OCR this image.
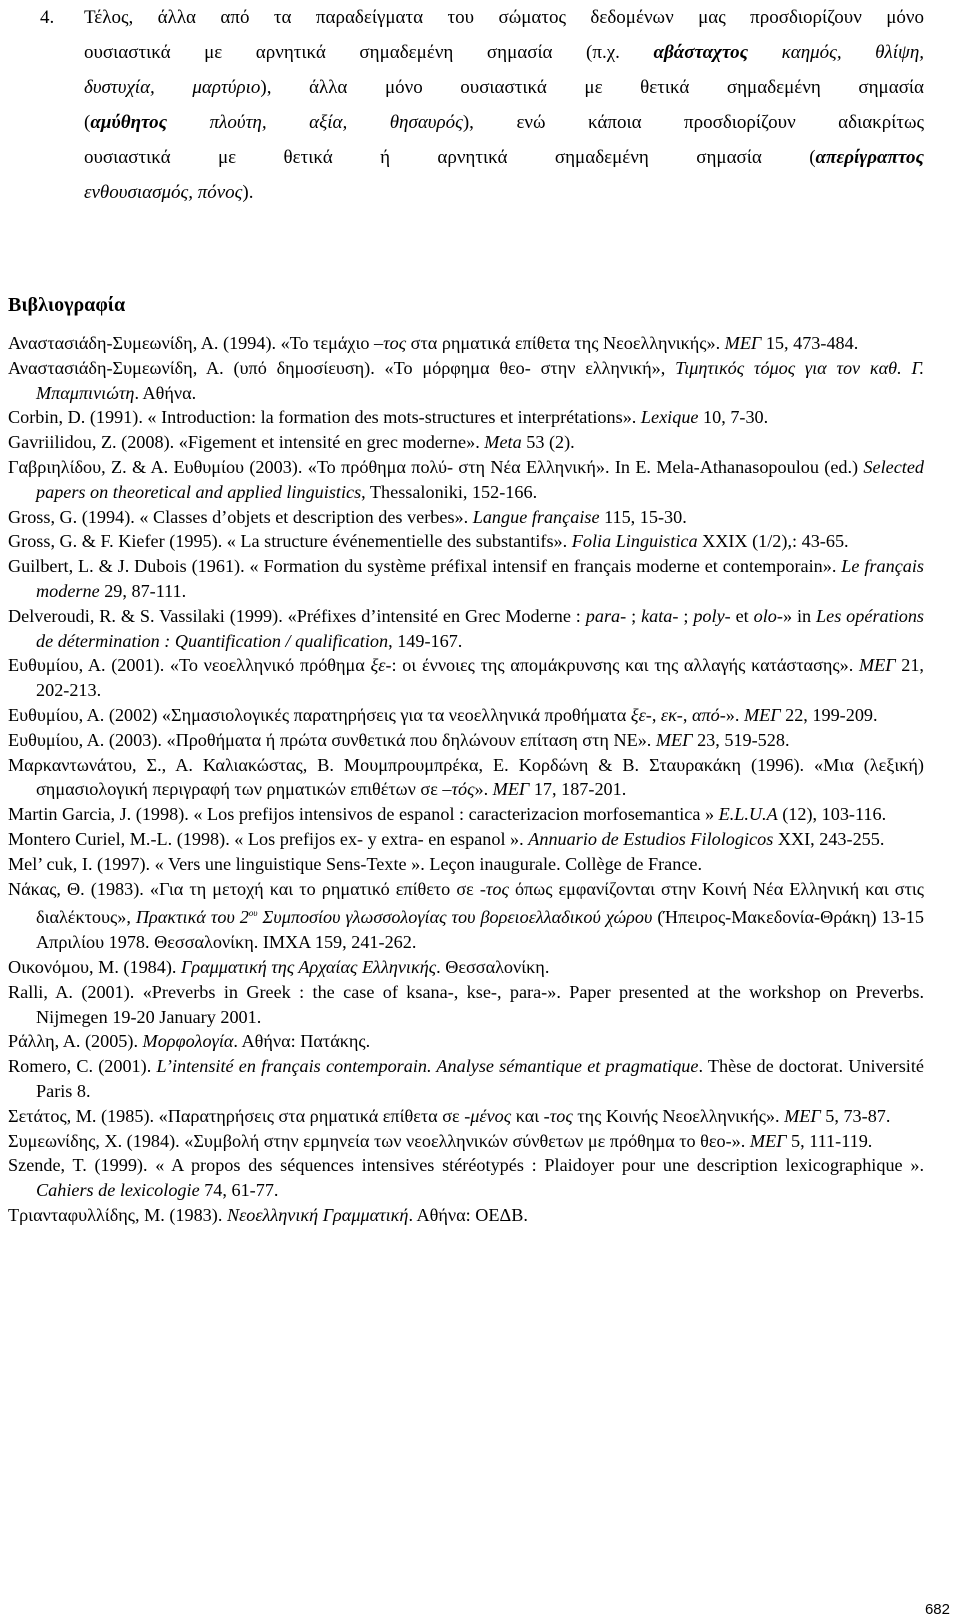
4. Τέλος, άλλα από τα παραδείγματα του σώματος δεδομένων μας προσδιορίζουν μόνο
ουσιαστικά με αρνητικά σημαδεμένη σημασία (π.χ. αβάσταχτος καημός, θλίψη,
δυστυχία, μαρτύριο), άλλα μόνο ουσιαστικά με θετικά σημαδεμένη σημασία
(αμύθητος πλούτη, αξία, θησαυρός), ενώ κάποια προσδιορίζουν αδιακρίτως
ουσιαστικά με θετικά ή αρνητικά σημαδεμένη σημασία (απερίγραπτος
ενθουσιασμός, πόνος).
Βιβλιογραφία

Αναστασιάδη-Συμεωνίδη, Α. (1994). «Το τεμάχιο –τος στα ρηματικά επίθετα της Νεοελληνικής». ΜΕΓ 15, 473-484.

Αναστασιάδη-Συμεωνίδη, Α. (υπό δημοσίευση). «Το μόρφημα θεο- στην ελληνική», Τιμητικός τόμος για τον καθ. Γ. Μπαμπινιώτη. Αθήνα.

Corbin, D. (1991). « Introduction: la formation des mots-structures et interprétations». Lexique 10, 7-30.

Gavriilidou, Z. (2008). «Figement et intensité en grec moderne». Meta 53 (2).

Γαβριηλίδου, Ζ. & Α. Ευθυμίου (2003). «Το πρόθημα πολύ- στη Νέα Ελληνική». In E. Mela-Athanasopoulou (ed.) Selected papers on theoretical and applied linguistics, Thessaloniki, 152-166.

Gross, G. (1994). « Classes d’objets et description des verbes». Langue française 115, 15-30.

Gross, G. & F. Kiefer (1995). « La structure événementielle des substantifs». Folia Linguistica XXIX (1/2),: 43-65.

Guilbert, L. & J. Dubois (1961). « Formation du système préfixal intensif en français moderne et contemporain». Le français moderne 29, 87-111.

Delveroudi, R. & S. Vassilaki (1999). «Préfixes d’intensité en Grec Moderne : para- ; kata- ; poly- et olo-» in Les opérations de détermination : Quantification / qualification, 149-167.

Ευθυμίου, Α. (2001). «Το νεοελληνικό πρόθημα ξε-: οι έννοιες της απομάκρυνσης και της αλλαγής κατάστασης». ΜΕΓ 21, 202-213.

Ευθυμίου, Α. (2002) «Σημασιολογικές παρατηρήσεις για τα νεοελληνικά προθήματα ξε-, εκ-, από-». ΜΕΓ 22, 199-209.

Ευθυμίου, Α. (2003). «Προθήματα ή πρώτα συνθετικά που δηλώνουν επίταση στη ΝΕ». ΜΕΓ 23, 519-528.

Μαρκαντωνάτου, Σ., Α. Καλιακώστας, Β. Μουμπρουμπρέκα, Ε. Κορδώνη & Β. Σταυρακάκη (1996). «Μια (λεξική) σημασιολογική περιγραφή των ρηματικών επιθέτων σε –τός». ΜΕΓ 17, 187-201.

Martin Garcia, J. (1998). « Los prefijos intensivos de espanol : caracterizacion morfosemantica » E.L.U.A (12), 103-116.

Montero Curiel, M.-L. (1998). « Los prefijos ex- y extra- en espanol ». Annuario de Estudios Filologicos XXI, 243-255.

Mel’ cuk, I. (1997). « Vers une linguistique Sens-Texte ». Leçon inaugurale. Collège de France.

Νάκας, Θ. (1983). «Για τη μετοχή και το ρηματικό επίθετο σε -τος όπως εμφανίζονται στην Κοινή Νέα Ελληνική και στις διαλέκτους», Πρακτικά του $2^{o\upsilon}$ Συμποσίου γλωσσολογίας του βορειοελλαδικού χώρου (Ήπειρος-Μακεδονία-Θράκη) 13-15 Απριλίου 1978. Θεσσαλονίκη. ΙΜΧΑ 159, 241-262.

Οικονόμου, Μ. (1984). Γραμματική της Αρχαίας Ελληνικής. Θεσσαλονίκη.

Ralli, A. (2001). «Preverbs in Greek : the case of ksana-, kse-, para-». Paper presented at the workshop on Preverbs. Nijmegen 19-20 January 2001.

Ράλλη, Α. (2005). Μορφολογία. Αθήνα: Πατάκης.

Romero, C. (2001). L’intensité en français contemporain. Analyse sémantique et pragmatique. Thèse de doctorat. Université Paris 8.

Σετάτος, Μ. (1985). «Παρατηρήσεις στα ρηματικά επίθετα σε -μένος και -τος της Κοινής Νεοελληνικής». ΜΕΓ 5, 73-87.

Συμεωνίδης, Χ. (1984). «Συμβολή στην ερμηνεία των νεοελληνικών σύνθετων με πρόθημα το θεο-». ΜΕΓ 5, 111-119.

Szende, T. (1999). « A propos des séquences intensives stéréotypés : Plaidoyer pour une description lexicographique ». Cahiers de lexicologie 74, 61-77.

Τριανταφυλλίδης, Μ. (1983). Νεοελληνική Γραμματική. Αθήνα: ΟΕΔΒ.

682
